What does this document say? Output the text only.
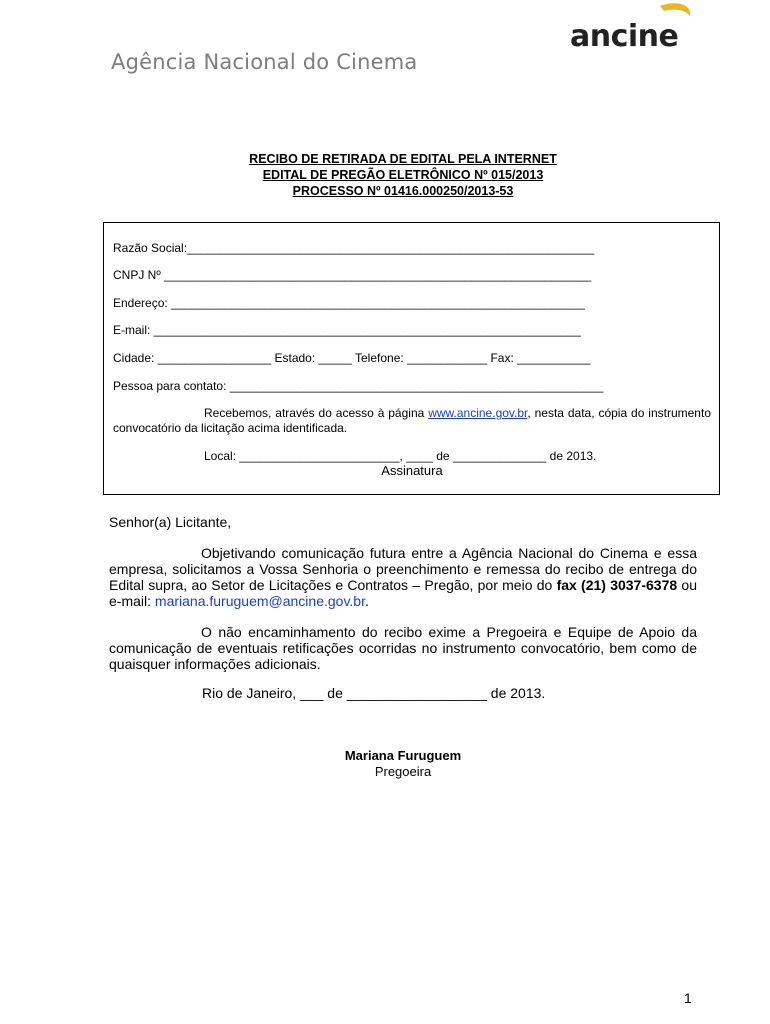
ancine
Agência Nacional do Cinema
RECIBO DE RETIRADA DE EDITAL PELA INTERNET
EDITAL DE PREGÃO ELETRÔNICO Nº 015/2013
PROCESSO Nº 01416.000250/2013-53
Razão Social:_____________________________________________________________
CNPJ Nº ________________________________________________________________
Endereço: ______________________________________________________________
E-mail: ________________________________________________________________
Cidade: _________________ Estado: _____ Telefone: ____________ Fax: ___________
Pessoa para contato: ________________________________________________________
Recebemos, através do acesso à página www.ancine.gov.br, nesta data, cópia do instrumento convocatório da licitação acima identificada.
Local: ________________________, ____ de ______________ de 2013.
Assinatura
Senhor(a) Licitante,
Objetivando comunicação futura entre a Agência Nacional do Cinema e essa empresa, solicitamos a Vossa Senhoria o preenchimento e remessa do recibo de entrega do Edital supra, ao Setor de Licitações e Contratos – Pregão, por meio do fax (21) 3037-6378 ou e-mail: mariana.furuguem@ancine.gov.br.
O não encaminhamento do recibo exime a Pregoeira e Equipe de Apoio da comunicação de eventuais retificações ocorridas no instrumento convocatório, bem como de quaisquer informações adicionais.
Rio de Janeiro, ___ de __________________ de 2013.
Mariana Furuguem
Pregoeira
1
